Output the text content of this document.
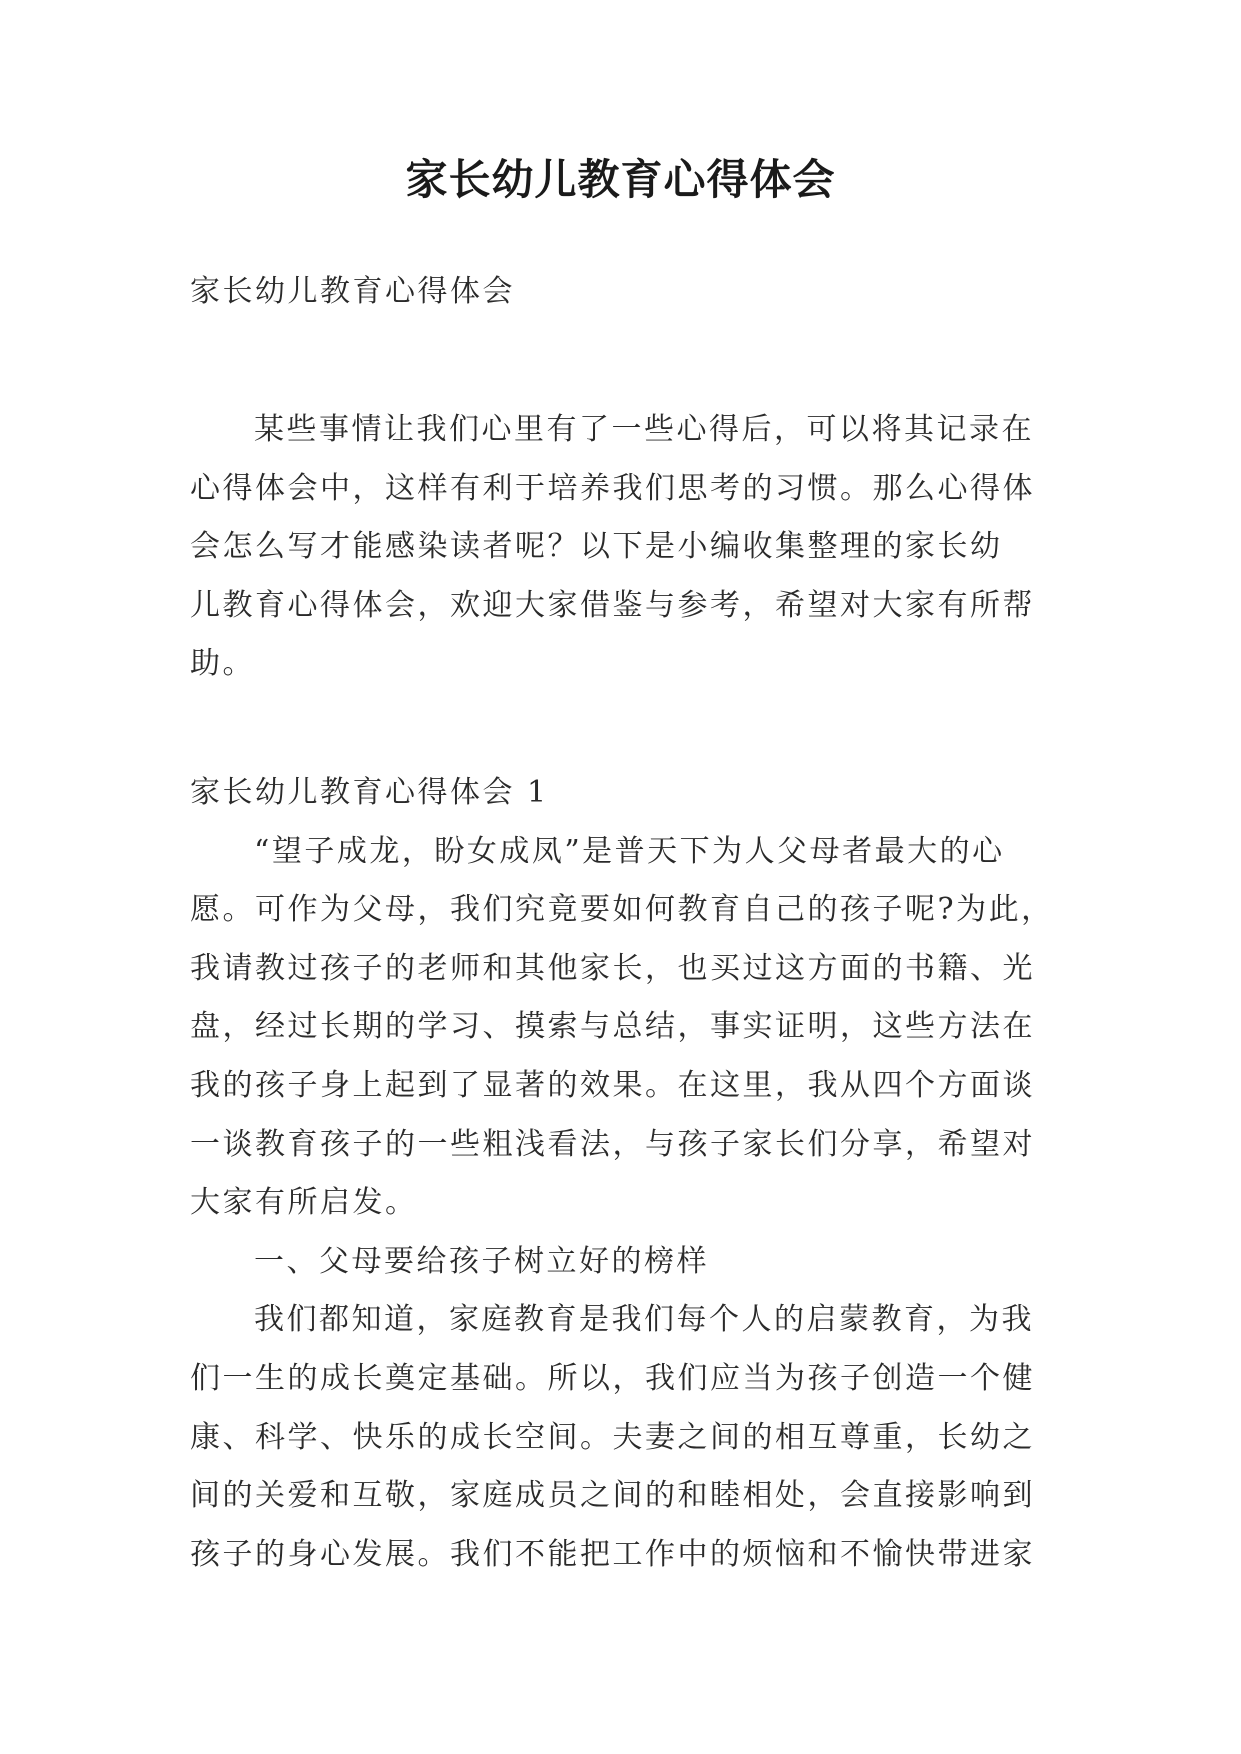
家长幼儿教育心得体会
家长幼儿教育心得体会
某些事情让我们心里有了一些心得后，可以将其记录在
心得体会中，这样有利于培养我们思考的习惯。那么心得体
会怎么写才能感染读者呢？以下是小编收集整理的家长幼
儿教育心得体会，欢迎大家借鉴与参考，希望对大家有所帮
助。
家长幼儿教育心得体会 1
“望子成龙，盼女成凤”是普天下为人父母者最大的心
愿。可作为父母，我们究竟要如何教育自己的孩子呢?为此，
我请教过孩子的老师和其他家长，也买过这方面的书籍、光
盘，经过长期的学习、摸索与总结，事实证明，这些方法在
我的孩子身上起到了显著的效果。在这里，我从四个方面谈
一谈教育孩子的一些粗浅看法，与孩子家长们分享，希望对
大家有所启发。
一、父母要给孩子树立好的榜样
我们都知道，家庭教育是我们每个人的启蒙教育，为我
们一生的成长奠定基础。所以，我们应当为孩子创造一个健
康、科学、快乐的成长空间。夫妻之间的相互尊重，长幼之
间的关爱和互敬，家庭成员之间的和睦相处，会直接影响到
孩子的身心发展。我们不能把工作中的烦恼和不愉快带进家
